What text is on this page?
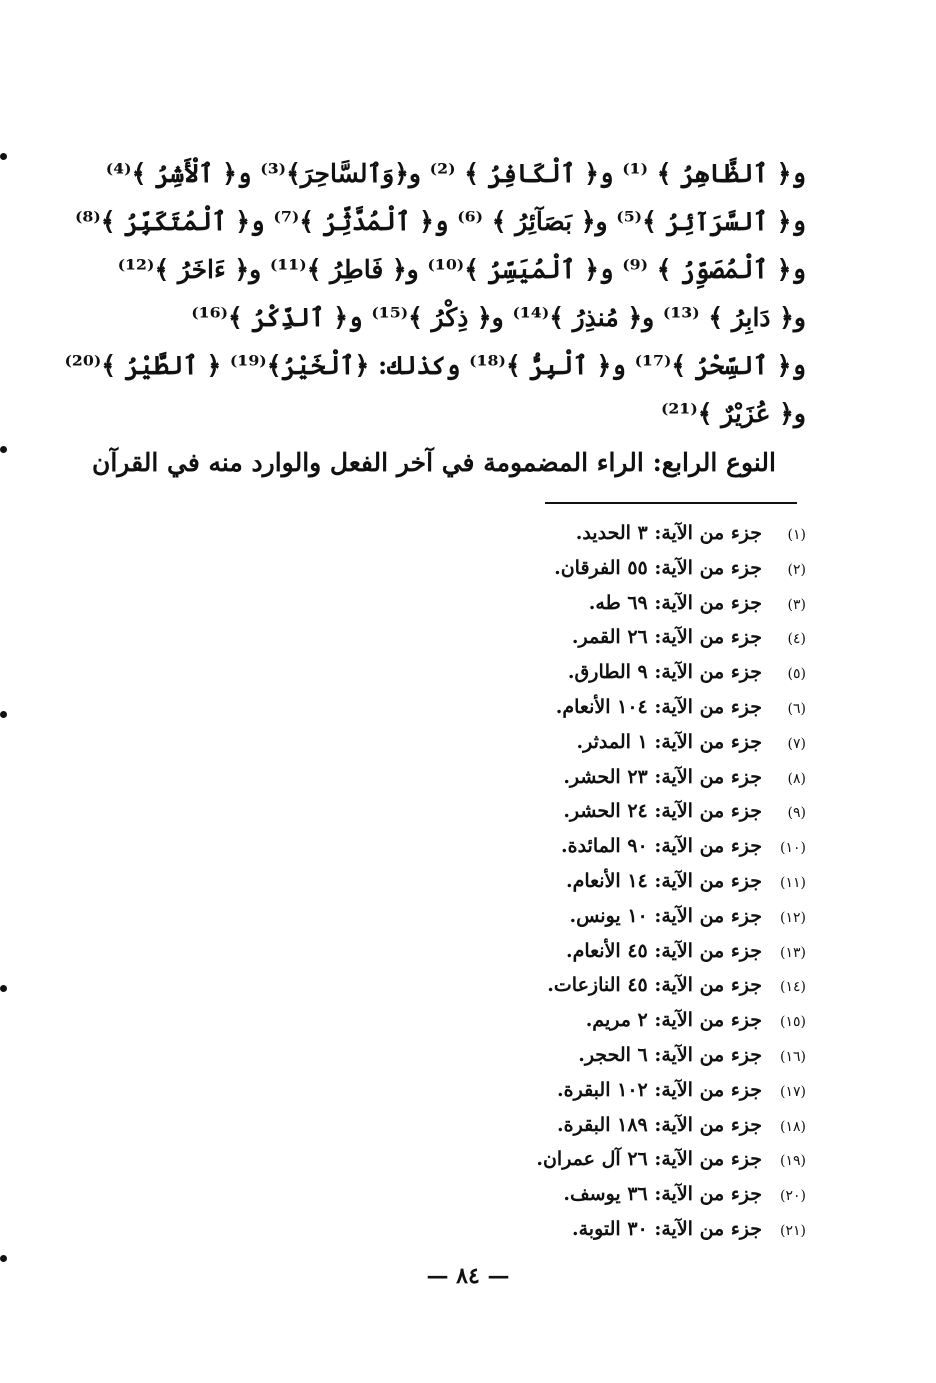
و﴿ ٱلظَّاهِرُ ﴾ ⁽¹⁾ و﴿ ٱلْكَافِرُ ﴾ ⁽²⁾ و﴿وَٱلسَّاحِرَ﴾⁽³⁾ و﴿ ٱلْأَشِرُ ﴾⁽⁴⁾
و﴿ ٱلسَّرَآئِرُ ﴾⁽⁵⁾ و﴿ بَصَآئِرُ ﴾ ⁽⁶⁾ و﴿ ٱلْمُدَّثِّرُ ﴾⁽⁷⁾ و﴿ ٱلْمُتَكَبِّرُ ﴾⁽⁸⁾
و﴿ ٱلْمُصَوِّرُ ﴾ ⁽⁹⁾ و﴿ ٱلْمُيَسِّرُ ﴾⁽¹⁰⁾ و﴿ فَاطِرُ ﴾⁽¹¹⁾ و﴿ ءَاخَرُ ﴾⁽¹²⁾
و﴿ دَابِرُ ﴾ ⁽¹³⁾ و﴿ مُنذِرُ ﴾⁽¹⁴⁾ و﴿ ذِكْرُ ﴾⁽¹⁵⁾ و﴿ ٱلذِّكْرُ ﴾⁽¹⁶⁾
و﴿ ٱلسِّحْرُ ﴾⁽¹⁷⁾ و﴿ ٱلْبِرُّ ﴾⁽¹⁸⁾ وكذلك: ﴿ٱلْخَيْرُ﴾⁽¹⁹⁾ ﴿ ٱلطَّيْرُ ﴾⁽²⁰⁾
و﴿ عُزَيْرٌ ﴾⁽²¹⁾
النوع الرابع: الراء المضمومة في آخر الفعل والوارد منه في القرآن
(١)جزء من الآية: ٣ الحديد.
(٢)جزء من الآية: ٥٥ الفرقان.
(٣)جزء من الآية: ٦٩ طه.
(٤)جزء من الآية: ٢٦ القمر.
(٥)جزء من الآية: ٩ الطارق.
(٦)جزء من الآية: ١٠٤ الأنعام.
(٧)جزء من الآية: ١ المدثر.
(٨)جزء من الآية: ٢٣ الحشر.
(٩)جزء من الآية: ٢٤ الحشر.
(١٠)جزء من الآية: ٩٠ المائدة.
(١١)جزء من الآية: ١٤ الأنعام.
(١٢)جزء من الآية: ١٠ يونس.
(١٣)جزء من الآية: ٤٥ الأنعام.
(١٤)جزء من الآية: ٤٥ النازعات.
(١٥)جزء من الآية: ٢ مريم.
(١٦)جزء من الآية: ٦ الحجر.
(١٧)جزء من الآية: ١٠٢ البقرة.
(١٨)جزء من الآية: ١٨٩ البقرة.
(١٩)جزء من الآية: ٢٦ آل عمران.
(٢٠)جزء من الآية: ٣٦ يوسف.
(٢١)جزء من الآية: ٣٠ التوبة.
— ٨٤ —
